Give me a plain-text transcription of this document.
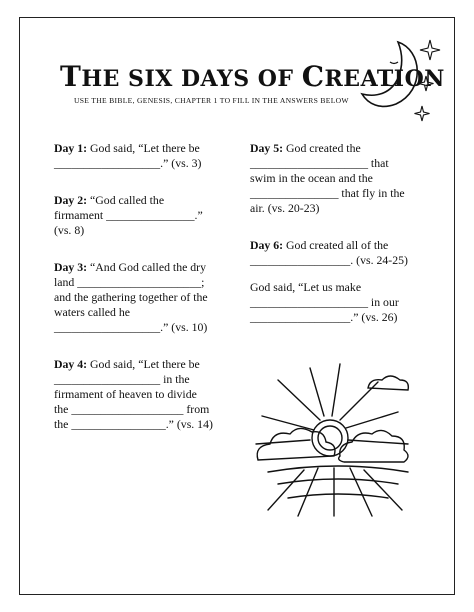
THE SIX DAYS OF CREATION
USE THE BIBLE, GENESIS, CHAPTER 1 TO FILL IN THE ANSWERS BELOW
Day 1: God said, “Let there be
__________________.” (vs. 3)
Day 2: “God called the
firmament _______________.”
(vs. 8)
Day 3: “And God called the dry
land _____________________;
and the gathering together of the
waters called he
__________________.” (vs. 10)
Day 4: God said, “Let there be
__________________ in the
firmament of heaven to divide
the ___________________ from
the ________________.” (vs. 14)
Day 5: God created the
____________________ that
swim in the ocean and the
_______________ that fly in the
air. (vs. 20-23)
Day 6: God created all of the
_________________. (vs. 24-25)
God said, “Let us make
____________________ in our
_________________.” (vs. 26)
